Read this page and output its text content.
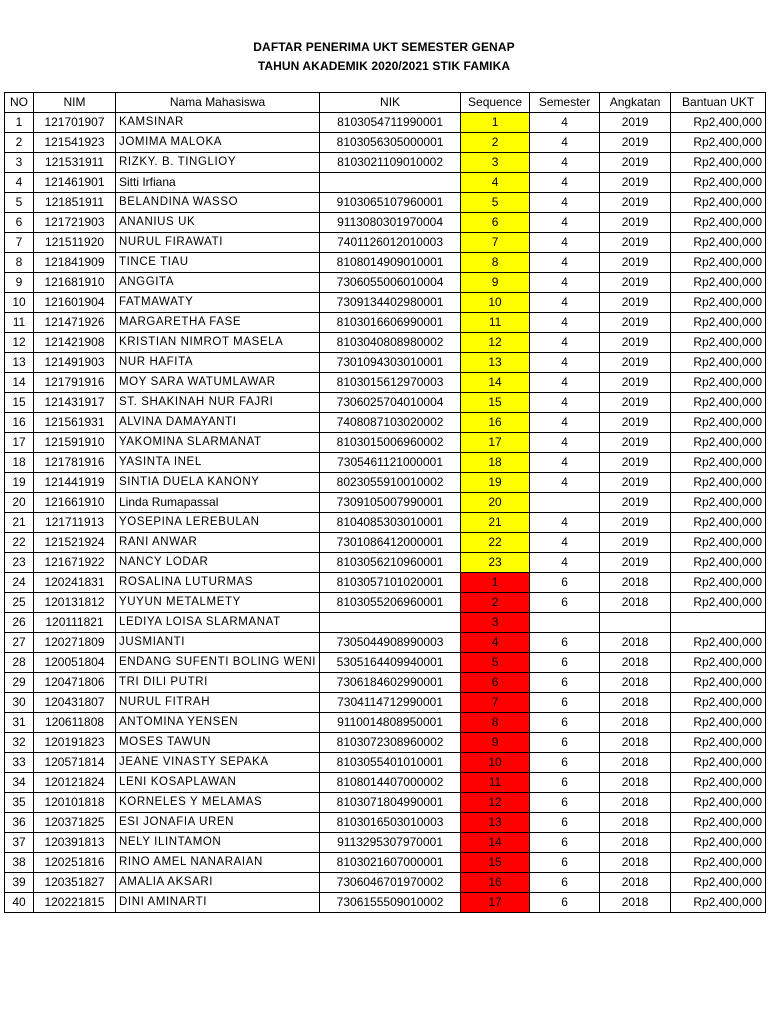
DAFTAR PENERIMA UKT SEMESTER GENAP
TAHUN AKADEMIK 2020/2021 STIK FAMIKA
NO	NIM	Nama Mahasiswa	NIK	Sequence	Semester	Angkatan	Bantuan UKT
1	121701907	KAMSINAR	8103054711990001	1	4	2019	Rp2,400,000
2	121541923	JOMIMA MALOKA	8103056305000001	2	4	2019	Rp2,400,000
3	121531911	RIZKY. B. TINGLIOY	8103021109010002	3	4	2019	Rp2,400,000
4	121461901	Sitti Irfiana		4	4	2019	Rp2,400,000
5	121851911	BELANDINA WASSO	9103065107960001	5	4	2019	Rp2,400,000
6	121721903	ANANIUS UK	9113080301970004	6	4	2019	Rp2,400,000
7	121511920	NURUL FIRAWATI	7401126012010003	7	4	2019	Rp2,400,000
8	121841909	TINCE TIAU	8108014909010001	8	4	2019	Rp2,400,000
9	121681910	ANGGITA	7306055006010004	9	4	2019	Rp2,400,000
10	121601904	FATMAWATY	7309134402980001	10	4	2019	Rp2,400,000
11	121471926	MARGARETHA FASE	8103016606990001	11	4	2019	Rp2,400,000
12	121421908	KRISTIAN NIMROT MASELA	8103040808980002	12	4	2019	Rp2,400,000
13	121491903	NUR HAFITA	7301094303010001	13	4	2019	Rp2,400,000
14	121791916	MOY SARA WATUMLAWAR	8103015612970003	14	4	2019	Rp2,400,000
15	121431917	ST. SHAKINAH NUR FAJRI	7306025704010004	15	4	2019	Rp2,400,000
16	121561931	ALVINA DAMAYANTI	7408087103020002	16	4	2019	Rp2,400,000
17	121591910	YAKOMINA SLARMANAT	8103015006960002	17	4	2019	Rp2,400,000
18	121781916	YASINTA INEL	7305461121000001	18	4	2019	Rp2,400,000
19	121441919	SINTIA DUELA KANONY	8023055910010002	19	4	2019	Rp2,400,000
20	121661910	Linda Rumapassal	7309105007990001	20		2019	Rp2,400,000
21	121711913	YOSEPINA LEREBULAN	8104085303010001	21	4	2019	Rp2,400,000
22	121521924	RANI ANWAR	7301086412000001	22	4	2019	Rp2,400,000
23	121671922	NANCY LODAR	8103056210960001	23	4	2019	Rp2,400,000
24	120241831	ROSALINA LUTURMAS	8103057101020001	1	6	2018	Rp2,400,000
25	120131812	YUYUN METALMETY	8103055206960001	2	6	2018	Rp2,400,000
26	120111821	LEDIYA LOISA SLARMANAT		3			
27	120271809	JUSMIANTI	7305044908990003	4	6	2018	Rp2,400,000
28	120051804	ENDANG SUFENTI BOLING WENI	5305164409940001	5	6	2018	Rp2,400,000
29	120471806	TRI DILI PUTRI	7306184602990001	6	6	2018	Rp2,400,000
30	120431807	NURUL FITRAH	7304114712990001	7	6	2018	Rp2,400,000
31	120611808	ANTOMINA YENSEN	9110014808950001	8	6	2018	Rp2,400,000
32	120191823	MOSES TAWUN	8103072308960002	9	6	2018	Rp2,400,000
33	120571814	JEANE VINASTY SEPAKA	8103055401010001	10	6	2018	Rp2,400,000
34	120121824	LENI KOSAPLAWAN	8108014407000002	11	6	2018	Rp2,400,000
35	120101818	KORNELES Y MELAMAS	8103071804990001	12	6	2018	Rp2,400,000
36	120371825	ESI JONAFIA UREN	8103016503010003	13	6	2018	Rp2,400,000
37	120391813	NELY ILINTAMON	9113295307970001	14	6	2018	Rp2,400,000
38	120251816	RINO AMEL NANARAIAN	8103021607000001	15	6	2018	Rp2,400,000
39	120351827	AMALIA AKSARI	7306046701970002	16	6	2018	Rp2,400,000
40	120221815	DINI AMINARTI	7306155509010002	17	6	2018	Rp2,400,000
